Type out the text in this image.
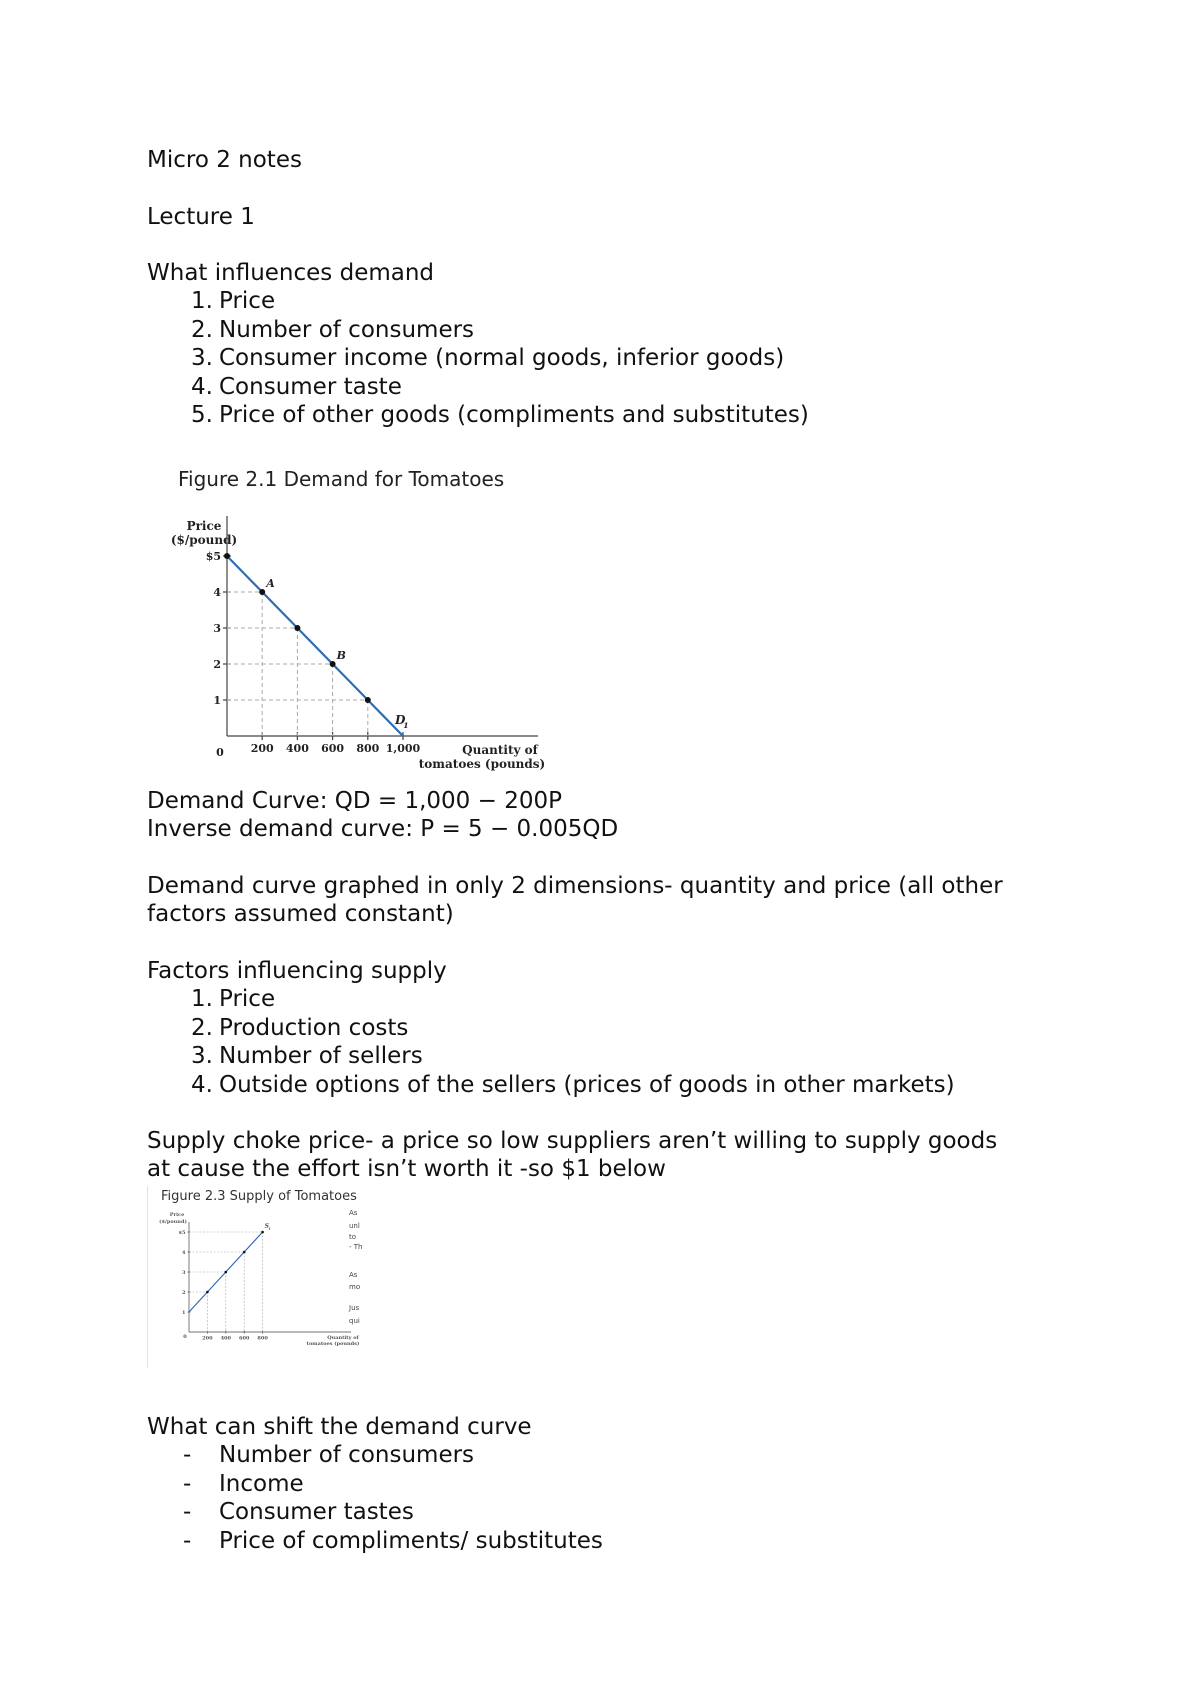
Micro 2 notes
Lecture 1
What influences demand
1. Price
2. Number of consumers
3. Consumer income (normal goods, inferior goods)
4. Consumer taste
5. Price of other goods (compliments and substitutes)
Figure 2.1 Demand for Tomatoes
Price
($/pound)
Quantity of
tomatoes (pounds)
0
$5
4
3
2
1
200 400 600 800 1,000
A
B
D
1
Demand Curve: QD = 1,000 − 200P
Inverse demand curve: P = 5 − 0.005QD
Demand curve graphed in only 2 dimensions- quantity and price (all other
factors assumed constant)
Factors influencing supply
1. Price
2. Production costs
3. Number of sellers
4. Outside options of the sellers (prices of goods in other markets)
Supply choke price- a price so low suppliers aren’t willing to supply goods
at cause the effort isn’t worth it -so $1 below
Figure 2.3 Supply of Tomatoes
Price
($/pound)
Quantity of
tomatoes (pounds)
0
As
unl
to
- Th
As
mo
Jus
qui
$5
4
3
2
1
200 400 600 800
S 1
What can shift the demand curve
-	Number of consumers
-	Income
-	Consumer tastes
-	Price of compliments/ substitutes
